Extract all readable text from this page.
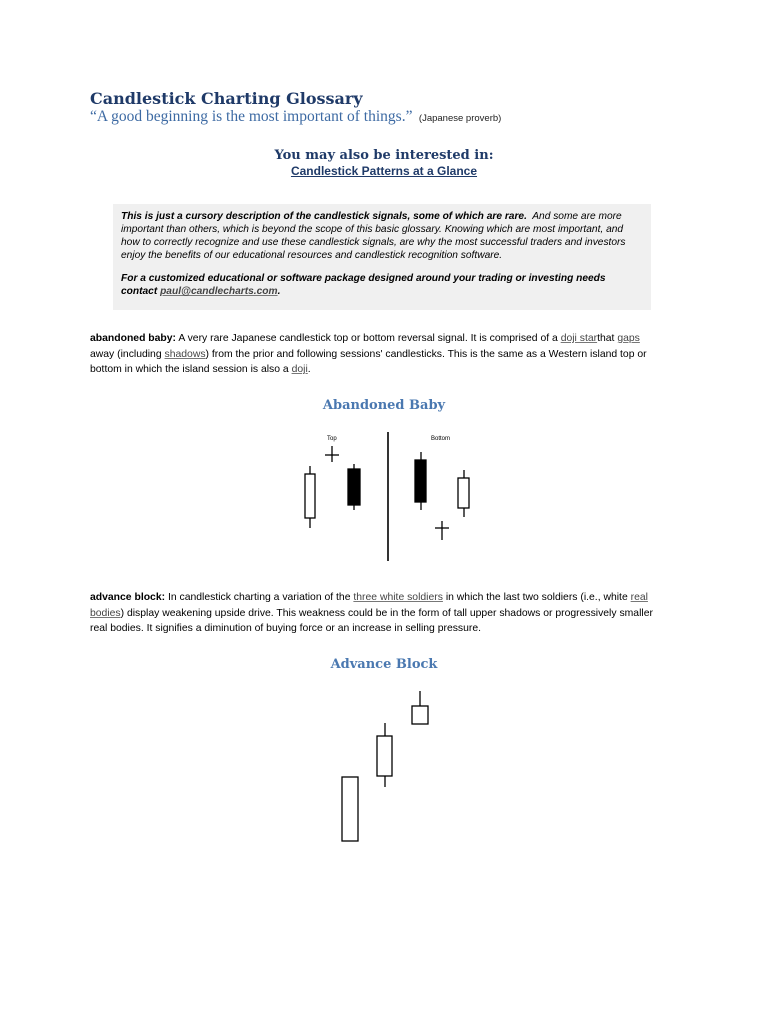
Candlestick Charting Glossary
“A good beginning is the most important of things.” (Japanese proverb)
You may also be interested in:
Candlestick Patterns at a Glance

This is just a cursory description of the candlestick signals, some of which are rare. And some are more important than others, which is beyond the scope of this basic glossary. Knowing which are most important, and how to correctly recognize and use these candlestick signals, are why the most successful traders and investors enjoy the benefits of our educational resources and candlestick recognition software.

For a customized educational or software package designed around your trading or investing needs contact paul@candlecharts.com.

abandoned baby: A very rare Japanese candlestick top or bottom reversal signal. It is comprised of a doji starthat gaps away (including shadows) from the prior and following sessions' candlesticks. This is the same as a Western island top or bottom in which the island session is also a doji.

Abandoned Baby
Top	Bottom

advance block: In candlestick charting a variation of the three white soldiers in which the last two soldiers (i.e., white real bodies) display weakening upside drive. This weakness could be in the form of tall upper shadows or progressively smaller real bodies. It signifies a diminution of buying force or an increase in selling pressure.

Advance Block
